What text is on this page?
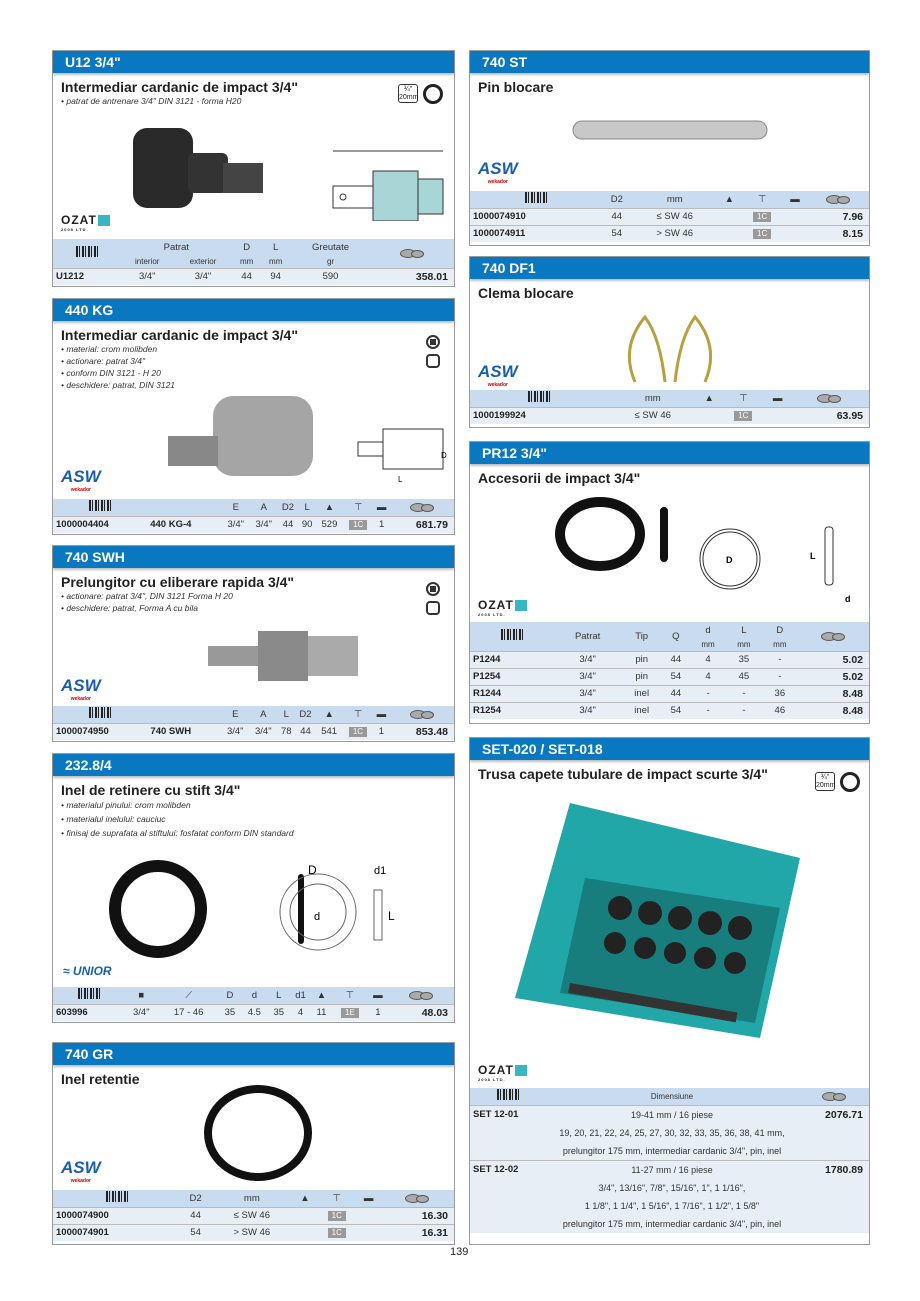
U12 3/4"
Intermediar cardanic de impact 3/4"
• patrat de antrenare 3/4" DIN 3121 - forma H20
¾"
20mm
OZAT
2008 LTD.
	Patrat		D	L	Greutate	
	interior	exterior	mm	mm	gr	
U1212	3/4"	3/4"	44	94	590	358.01
440 KG
Intermediar cardanic de impact 3/4"
• material: crom molibden
• actionare: patrat 3/4"
• conform DIN 3121 - H 20
• deschidere: patrat, DIN 3121
D
L
ASW
wekador
		E	A	D2	L	▲	⊤	▬	
1000004404	440 KG-4	3/4"	3/4"	44	90	529	1C	1	681.79
740 SWH
Prelungitor cu eliberare rapida 3/4"
• actionare: patrat 3/4", DIN 3121 Forma H 20
• deschidere: patrat, Forma A cu bila
ASW
wekador
		E	A	L	D2	▲	⊤	▬	
1000074950	740 SWH	3/4"	3/4"	78	44	541	1C	1	853.48
232.8/4
Inel de retinere cu stift 3/4"
• materialul pinului: crom molibden
• materialul inelului: cauciuc
• finisaj de suprafata al stiftului: fosfatat conform DIN standard
D
d
d1
L
≈ UNIOR
	■	⟋	D	d	L	d1	▲	⊤	▬	
603996	3/4"	17 - 46	35	4.5	35	4	11	1E	1	48.03
740 GR
Inel retentie
ASW
wekador
	D2	mm	▲	⊤	▬	
1000074900	44	≤ SW 46		1C		16.30
1000074901	54	> SW 46		1C		16.31
740 ST
Pin blocare
ASW
wekador
	D2	mm	▲	⊤	▬	
1000074910	44	≤ SW 46		1C		7.96
1000074911	54	> SW 46		1C		8.15
740 DF1
Clema blocare
ASW
wekador
	mm	▲	⊤	▬	
1000199924	≤ SW 46		1C		63.95
PR12 3/4"
Accesorii de impact 3/4"
D	L
d
OZAT
2008 LTD.
	Patrat	Tip	Q	d	L	D	
				mm	mm	mm	
P1244	3/4"	pin	44	4	35	-	5.02
P1254	3/4"	pin	54	4	45	-	5.02
R1244	3/4"	inel	44	-	-	36	8.48
R1254	3/4"	inel	54	-	-	46	8.48
SET-020 / SET-018
Trusa capete tubulare de impact scurte 3/4"	¾"
20mm
OZAT
2008 LTD.
	Dimensiune	
SET 12-01	19-41 mm / 16 piese
19, 20, 21, 22, 24, 25, 27, 30, 32, 33, 35, 36, 38, 41 mm,
prelungitor 175 mm, intermediar cardanic 3/4", pin, inel	2076.71
SET 12-02	11-27 mm / 16 piese
3/4", 13/16", 7/8", 15/16", 1", 1 1/16",
1 1/8", 1 1/4", 1 5/16", 1 7/16", 1 1/2", 1 5/8"
prelungitor 175 mm, intermediar cardanic 3/4", pin, inel	1780.89
139
